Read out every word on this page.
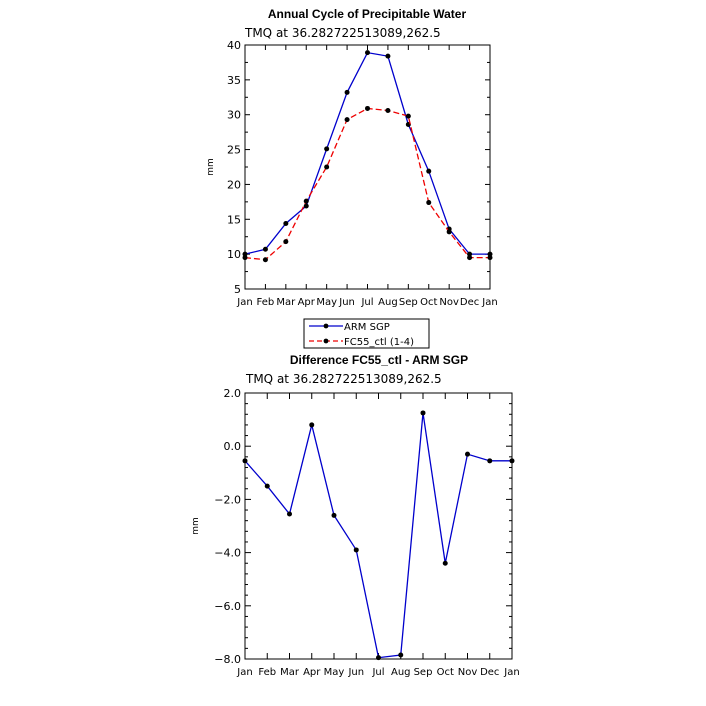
Annual Cycle of Precipitable Water
TMQ at 36.282722513089,262.5
mm
Jan Feb Mar Apr May Jun Jul Aug Sep Oct Nov Dec Jan
5
10
15
20
25
30
35
40
ARM SGP
FC55_ctl (1-4)
Difference FC55_ctl - ARM SGP
TMQ at 36.282722513089,262.5
mm
Jan Feb Mar Apr May Jun Jul Aug Sep Oct Nov Dec Jan
−8.0
−6.0
−4.0
−2.0
0.0
2.0
